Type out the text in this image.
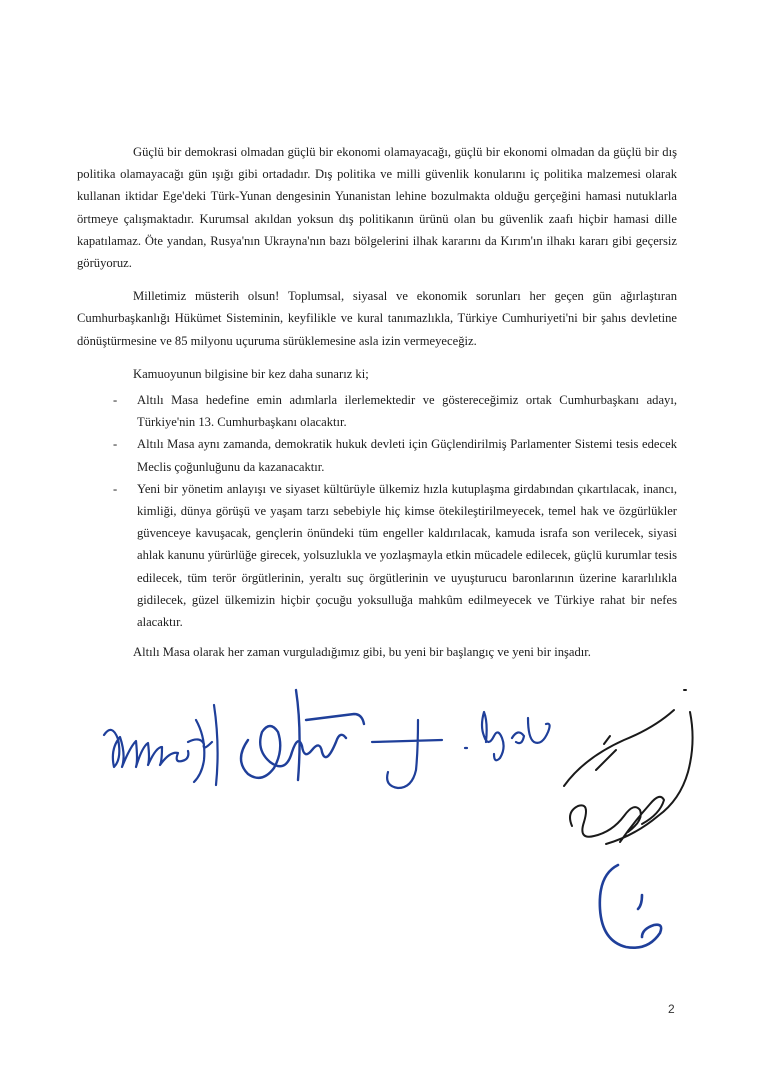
Güçlü bir demokrasi olmadan güçlü bir ekonomi olamayacağı, güçlü bir ekonomi olmadan da güçlü bir dış politika olamayacağı gün ışığı gibi ortadadır. Dış politika ve milli güvenlik konularını iç politika malzemesi olarak kullanan iktidar Ege'deki Türk-Yunan dengesinin Yunanistan lehine bozulmakta olduğu gerçeğini hamasi nutuklarla örtmeye çalışmaktadır. Kurumsal akıldan yoksun dış politikanın ürünü olan bu güvenlik zaafı hiçbir hamasi dille kapatılamaz. Öte yandan, Rusya'nın Ukrayna'nın bazı bölgelerini ilhak kararını da Kırım'ın ilhakı kararı gibi geçersiz görüyoruz.

Milletimiz müsterih olsun! Toplumsal, siyasal ve ekonomik sorunları her geçen gün ağırlaştıran Cumhurbaşkanlığı Hükümet Sisteminin, keyfilikle ve kural tanımazlıkla, Türkiye Cumhuriyeti'ni bir şahıs devletine dönüştürmesine ve 85 milyonu uçuruma sürüklemesine asla izin vermeyeceğiz.

Kamuoyunun bilgisine bir kez daha sunarız ki;

- Altılı Masa hedefine emin adımlarla ilerlemektedir ve göstereceğimiz ortak Cumhurbaşkanı adayı, Türkiye'nin 13. Cumhurbaşkanı olacaktır.
- Altılı Masa aynı zamanda, demokratik hukuk devleti için Güçlendirilmiş Parlamenter Sistemi tesis edecek Meclis çoğunluğunu da kazanacaktır.
- Yeni bir yönetim anlayışı ve siyaset kültürüyle ülkemiz hızla kutuplaşma girdabından çıkartılacak, inancı, kimliği, dünya görüşü ve yaşam tarzı sebebiyle hiç kimse ötekileştirilmeyecek, temel hak ve özgürlükler güvenceye kavuşacak, gençlerin önündeki tüm engeller kaldırılacak, kamuda israfa son verilecek, siyasi ahlak kanunu yürürlüğe girecek, yolsuzlukla ve yozlaşmayla etkin mücadele edilecek, güçlü kurumlar tesis edilecek, tüm terör örgütlerinin, yeraltı suç örgütlerinin ve uyuşturucu baronlarının üzerine kararlılıkla gidilecek, güzel ülkemizin hiçbir çocuğu yoksulluğa mahkûm edilmeyecek ve Türkiye rahat bir nefes alacaktır.

Altılı Masa olarak her zaman vurguladığımız gibi, bu yeni bir başlangıç ve yeni bir inşadır.

2
